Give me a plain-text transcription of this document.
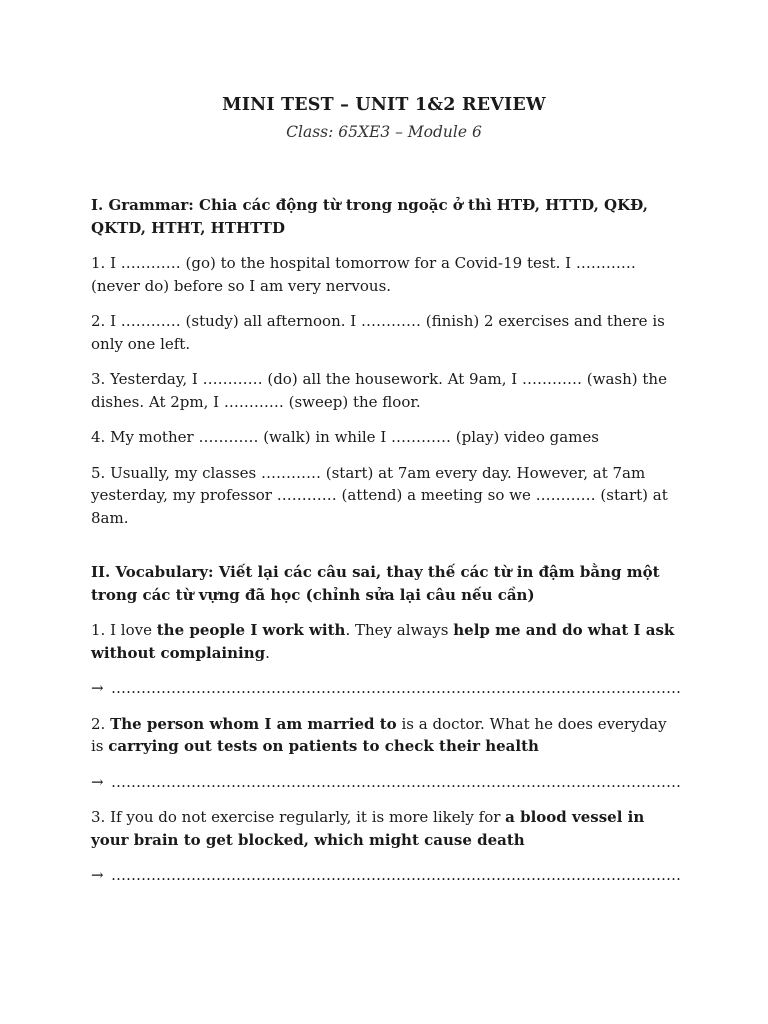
MINI TEST – UNIT 1&2 REVIEW
Class: 65XE3 – Module 6

I. Grammar: Chia các động từ trong ngoặc ở thì HTĐ, HTTD, QKĐ, QKTD, HTHT, HTHTTD

1. I ………… (go) to the hospital tomorrow for a Covid-19 test. I ………… (never do) before so I am very nervous.

2. I ………… (study) all afternoon. I ………… (finish) 2 exercises and there is only one left.

3. Yesterday, I ………… (do) all the housework. At 9am, I ………… (wash) the dishes. At 2pm, I ………… (sweep) the floor.

4. My mother ………… (walk) in while I ………… (play) video games

5. Usually, my classes ………… (start) at 7am every day. However, at 7am yesterday, my professor ………… (attend) a meeting so we ………… (start) at 8am.

II. Vocabulary: Viết lại các câu sai, thay thế các từ in đậm bằng một trong các từ vựng đã học (chỉnh sửa lại câu nếu cần)

1. I love the people I work with. They always help me and do what I ask without complaining.

→ ……………………………………………………………………………………………………

2. The person whom I am married to is a doctor. What he does everyday is carrying out tests on patients to check their health

→ ……………………………………………………………………………………………………

3. If you do not exercise regularly, it is more likely for a blood vessel in your brain to get blocked, which might cause death

→ ……………………………………………………………………………………………………
